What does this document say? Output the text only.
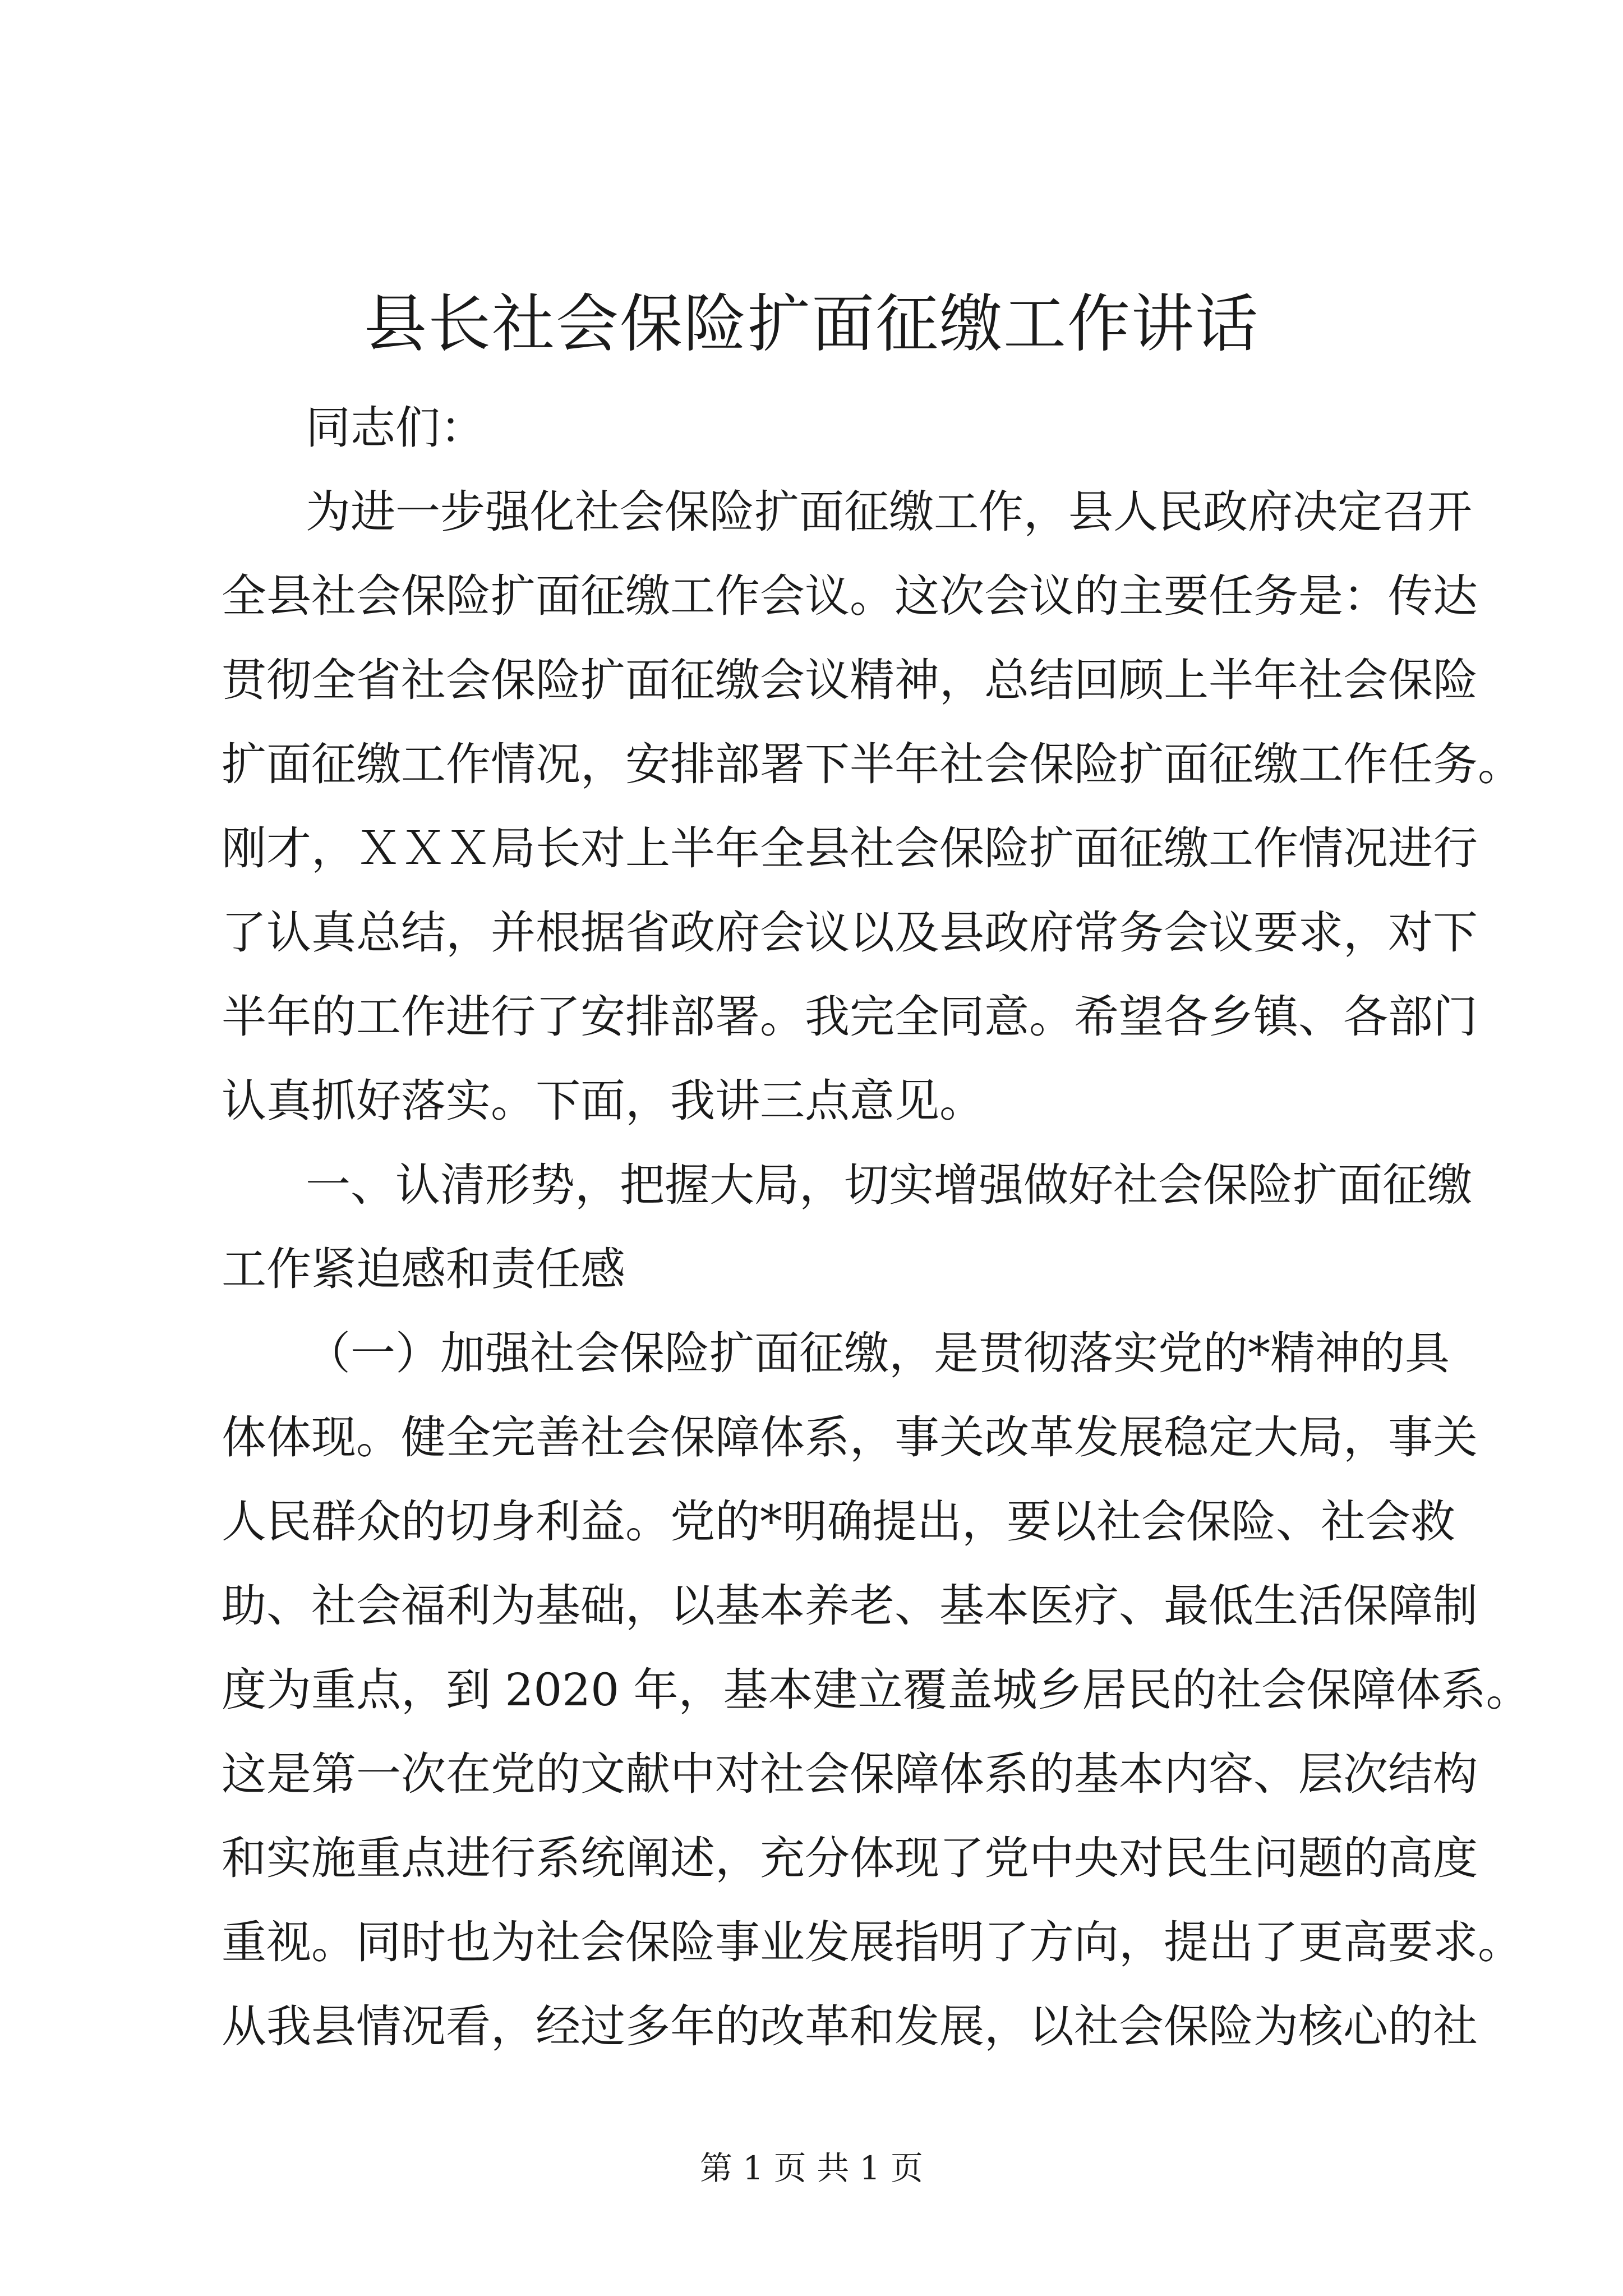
县长社会保险扩面征缴工作讲话
同志们：
为进一步强化社会保险扩面征缴工作，县人民政府决定召开
全县社会保险扩面征缴工作会议。这次会议的主要任务是：传达
贯彻全省社会保险扩面征缴会议精神，总结回顾上半年社会保险
扩面征缴工作情况，安排部署下半年社会保险扩面征缴工作任务。
刚才，ＸＸＸ局长对上半年全县社会保险扩面征缴工作情况进行
了认真总结，并根据省政府会议以及县政府常务会议要求，对下
半年的工作进行了安排部署。我完全同意。希望各乡镇、各部门
认真抓好落实。下面，我讲三点意见。
一、认清形势，把握大局，切实增强做好社会保险扩面征缴
工作紧迫感和责任感
（一）加强社会保险扩面征缴，是贯彻落实党的*精神的具
体体现。健全完善社会保障体系，事关改革发展稳定大局，事关
人民群众的切身利益。党的*明确提出，要以社会保险、社会救
助、社会福利为基础，以基本养老、基本医疗、最低生活保障制
度为重点，到 2020 年，基本建立覆盖城乡居民的社会保障体系。
这是第一次在党的文献中对社会保障体系的基本内容、层次结构
和实施重点进行系统阐述，充分体现了党中央对民生问题的高度
重视。同时也为社会保险事业发展指明了方向，提出了更高要求。
从我县情况看，经过多年的改革和发展，以社会保险为核心的社
第 1 页 共 1 页
